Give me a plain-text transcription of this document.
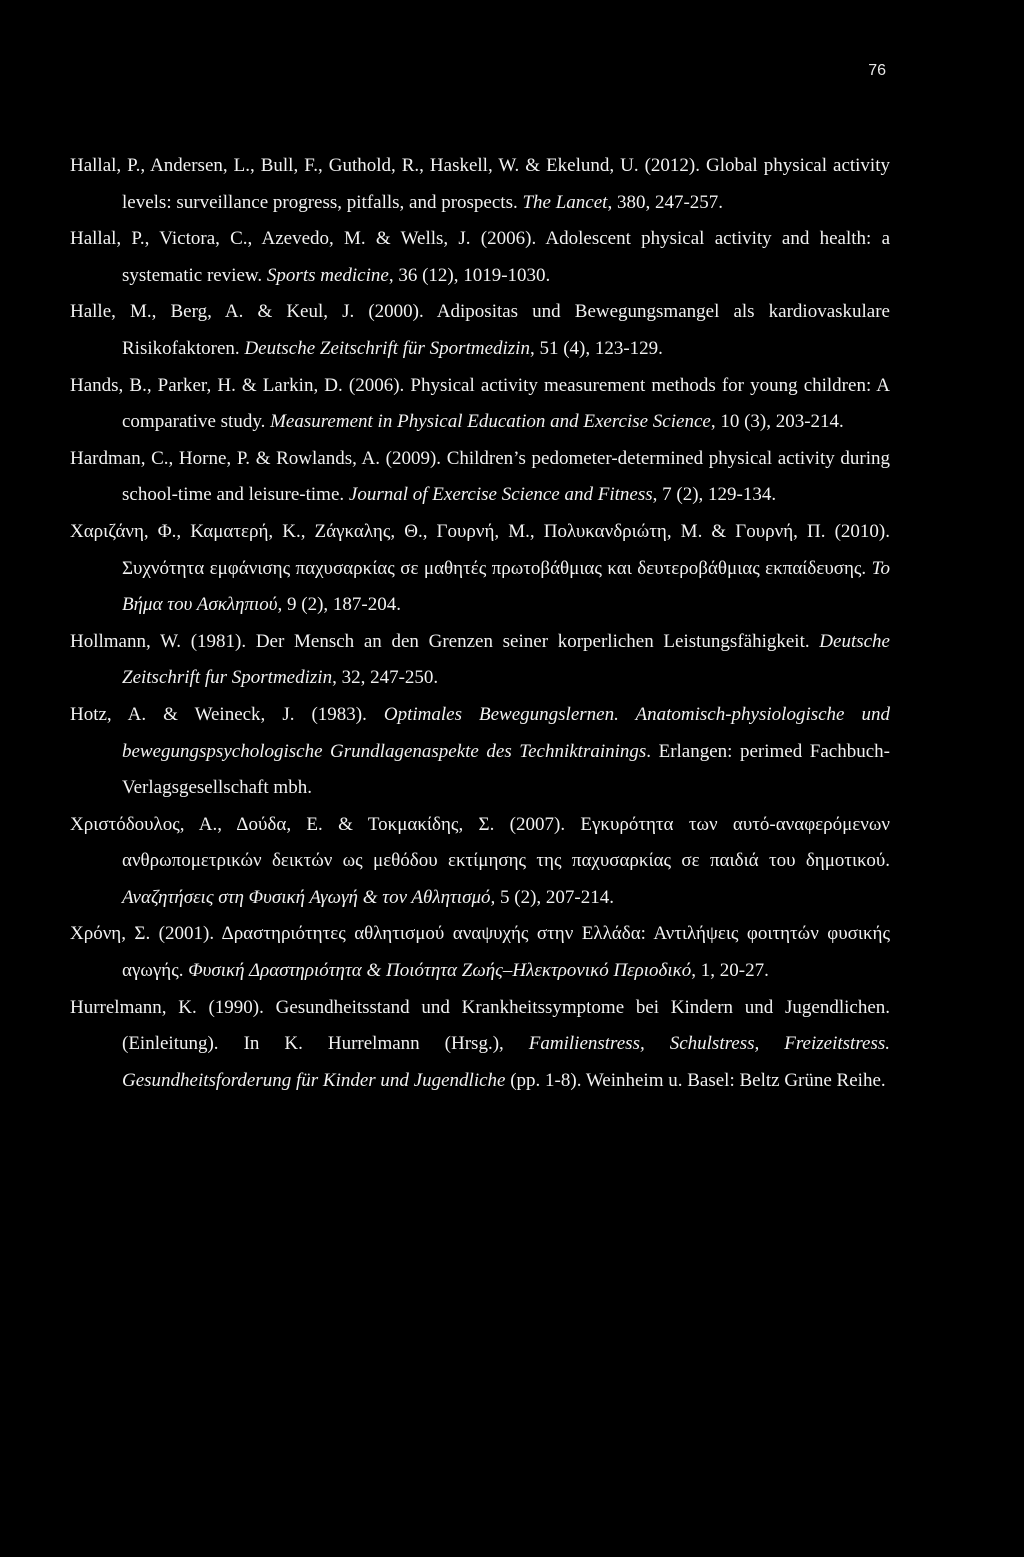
76
Hallal, P., Andersen, L., Bull, F., Guthold, R., Haskell, W. & Ekelund, U. (2012). Global physical activity levels: surveillance progress, pitfalls, and prospects. The Lancet, 380, 247-257.
Hallal, P., Victora, C., Azevedo, M. & Wells, J. (2006). Adolescent physical activity and health: a systematic review. Sports medicine, 36 (12), 1019-1030.
Halle, M., Berg, A. & Keul, J. (2000). Adipositas und Bewegungsmangel als kardiovaskulare Risikofaktoren. Deutsche Zeitschrift für Sportmedizin, 51 (4), 123-129.
Hands, B., Parker, H. & Larkin, D. (2006). Physical activity measurement methods for young children: A comparative study. Measurement in Physical Education and Exercise Science, 10 (3), 203-214.
Hardman, C., Horne, P. & Rowlands, A. (2009). Children’s pedometer-determined physical activity during school-time and leisure-time. Journal of Exercise Science and Fitness, 7 (2), 129-134.
Χαριζάνη, Φ., Καματερή, Κ., Ζάγκαλης, Θ., Γουρνή, Μ., Πολυκανδριώτη, Μ. & Γουρνή, Π. (2010). Συχνότητα εμφάνισης παχυσαρκίας σε μαθητές πρωτοβάθμιας και δευτεροβάθμιας εκπαίδευσης. Το Βήμα του Ασκληπιού, 9 (2), 187-204.
Hollmann, W. (1981). Der Mensch an den Grenzen seiner korperlichen Leistungsfähigkeit. Deutsche Zeitschrift fur Sportmedizin, 32, 247-250.
Hotz, A. & Weineck, J. (1983). Optimales Bewegungslernen. Anatomisch-physiologische und bewegungspsychologische Grundlagenaspekte des Techniktrainings. Erlangen: perimed Fachbuch-Verlagsgesellschaft mbh.
Χριστόδουλος, Α., Δούδα, Ε. & Τοκμακίδης, Σ. (2007). Εγκυρότητα των αυτό-αναφερόμενων ανθρωπομετρικών δεικτών ως μεθόδου εκτίμησης της παχυσαρκίας σε παιδιά του δημοτικού. Αναζητήσεις στη Φυσική Αγωγή & τον Αθλητισμό, 5 (2), 207-214.
Χρόνη, Σ. (2001). Δραστηριότητες αθλητισμού αναψυχής στην Ελλάδα: Αντιλήψεις φοιτητών φυσικής αγωγής. Φυσική Δραστηριότητα & Ποιότητα Ζωής–Ηλεκτρονικό Περιοδικό, 1, 20-27.
Hurrelmann, K. (1990). Gesundheitsstand und Krankheitssymptome bei Kindern und Jugendlichen. (Einleitung). In K. Hurrelmann (Hrsg.), Familienstress, Schulstress, Freizeitstress. Gesundheitsforderung für Kinder und Jugendliche (pp. 1-8). Weinheim u. Basel: Beltz Grüne Reihe.
